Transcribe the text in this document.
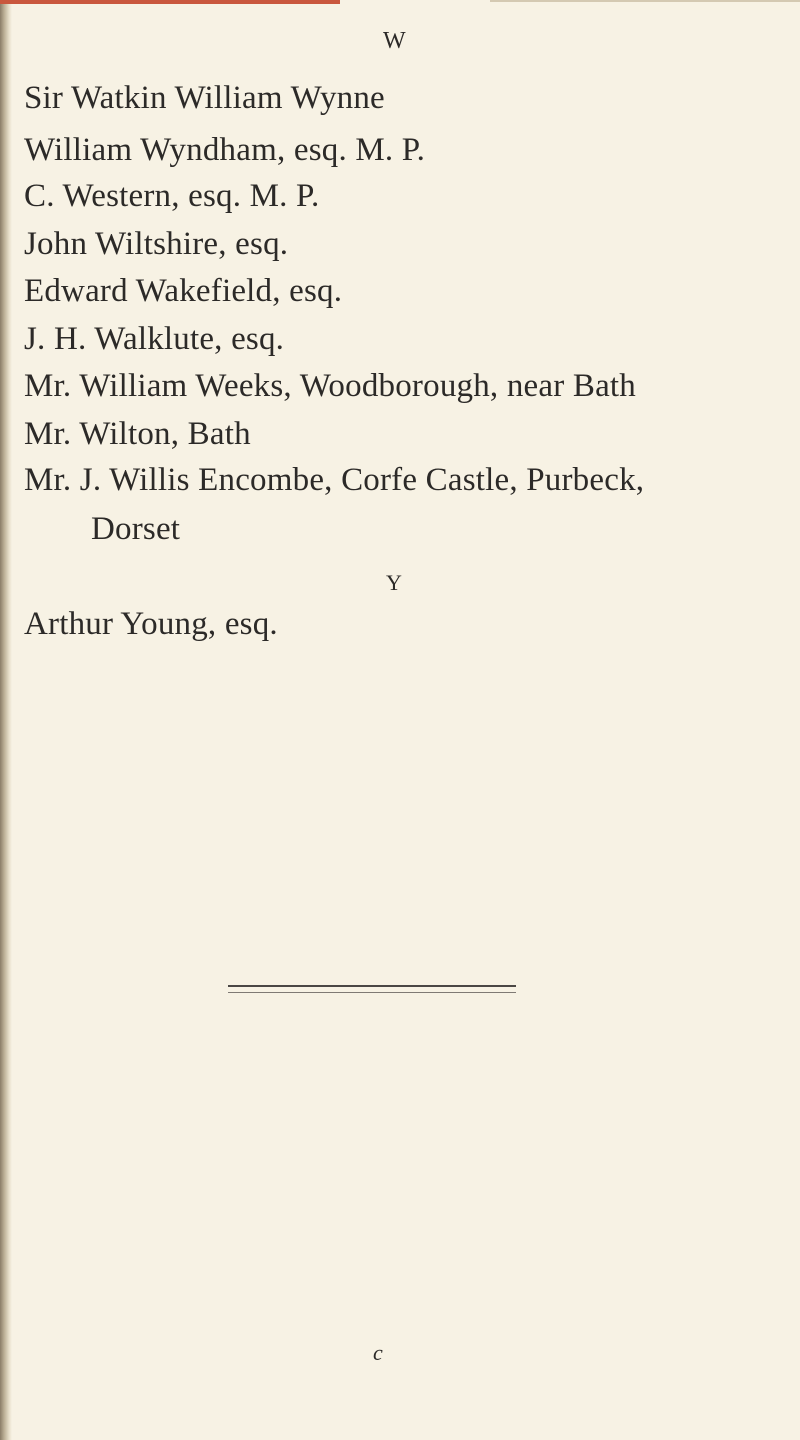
W
Sir Watkin William Wynne
William Wyndham, esq. M. P.
C. Western, esq. M. P.
John Wiltshire, esq.
Edward Wakefield, esq.
J. H. Walklute, esq.
Mr. William Weeks, Woodborough, near Bath
Mr. Wilton, Bath
Mr. J. Willis Encombe, Corfe Castle, Purbeck,
Dorset
Y
Arthur Young, esq.
c
